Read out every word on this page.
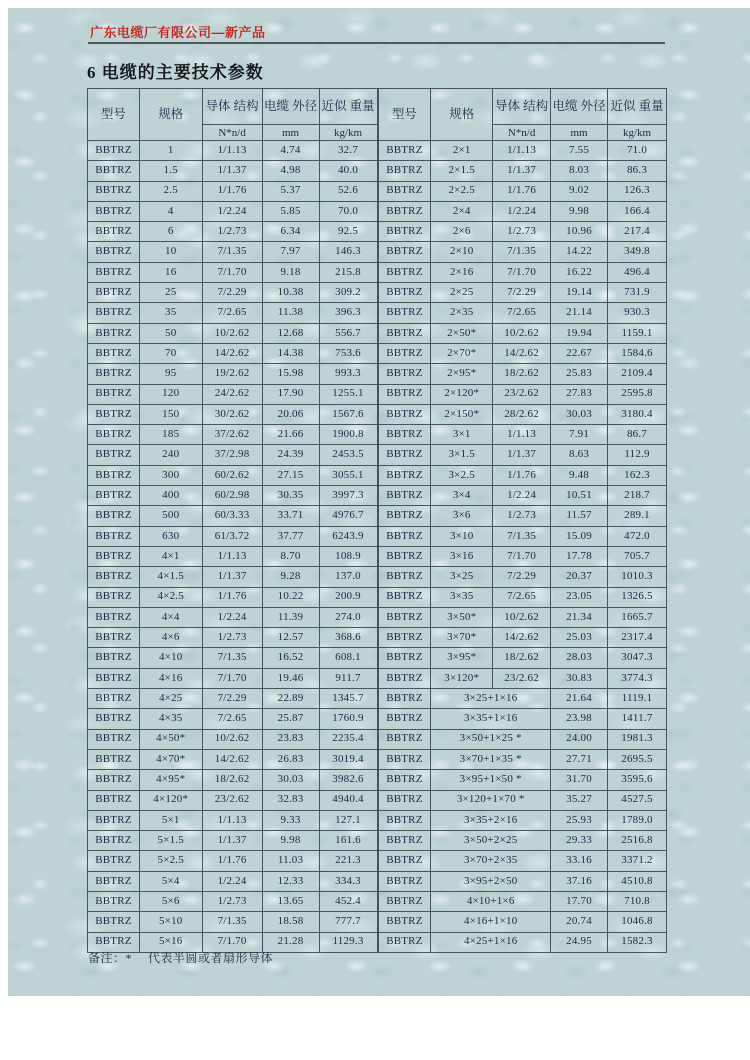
广东电缆厂有限公司—新产品
6 电缆的主要技术参数
型号	规格	导体 结构	电缆 外径	近似 重量
		N*n/d	mm	kg/km
BBTRZ	1	1/1.13	4.74	32.7
BBTRZ	1.5	1/1.37	4.98	40.0
BBTRZ	2.5	1/1.76	5.37	52.6
BBTRZ	4	1/2.24	5.85	70.0
BBTRZ	6	1/2.73	6.34	92.5
BBTRZ	10	7/1.35	7.97	146.3
BBTRZ	16	7/1.70	9.18	215.8
BBTRZ	25	7/2.29	10.38	309.2
BBTRZ	35	7/2.65	11.38	396.3
BBTRZ	50	10/2.62	12.68	556.7
BBTRZ	70	14/2.62	14.38	753.6
BBTRZ	95	19/2.62	15.98	993.3
BBTRZ	120	24/2.62	17.90	1255.1
BBTRZ	150	30/2.62	20.06	1567.6
BBTRZ	185	37/2.62	21.66	1900.8
BBTRZ	240	37/2.98	24.39	2453.5
BBTRZ	300	60/2.62	27.15	3055.1
BBTRZ	400	60/2.98	30.35	3997.3
BBTRZ	500	60/3.33	33.71	4976.7
BBTRZ	630	61/3.72	37.77	6243.9
BBTRZ	4×1	1/1.13	8.70	108.9
BBTRZ	4×1.5	1/1.37	9.28	137.0
BBTRZ	4×2.5	1/1.76	10.22	200.9
BBTRZ	4×4	1/2.24	11.39	274.0
BBTRZ	4×6	1/2.73	12.57	368.6
BBTRZ	4×10	7/1.35	16.52	608.1
BBTRZ	4×16	7/1.70	19.46	911.7
BBTRZ	4×25	7/2.29	22.89	1345.7
BBTRZ	4×35	7/2.65	25.87	1760.9
BBTRZ	4×50*	10/2.62	23.83	2235.4
BBTRZ	4×70*	14/2.62	26.83	3019.4
BBTRZ	4×95*	18/2.62	30.03	3982.6
BBTRZ	4×120*	23/2.62	32.83	4940.4
BBTRZ	5×1	1/1.13	9.33	127.1
BBTRZ	5×1.5	1/1.37	9.98	161.6
BBTRZ	5×2.5	1/1.76	11.03	221.3
BBTRZ	5×4	1/2.24	12.33	334.3
BBTRZ	5×6	1/2.73	13.65	452.4
BBTRZ	5×10	7/1.35	18.58	777.7
BBTRZ	5×16	7/1.70	21.28	1129.3
型号	规格	导体 结构	电缆 外径	近似 重量
		N*n/d	mm	kg/km
BBTRZ	2×1	1/1.13	7.55	71.0
BBTRZ	2×1.5	1/1.37	8.03	86.3
BBTRZ	2×2.5	1/1.76	9.02	126.3
BBTRZ	2×4	1/2.24	9.98	166.4
BBTRZ	2×6	1/2.73	10.96	217.4
BBTRZ	2×10	7/1.35	14.22	349.8
BBTRZ	2×16	7/1.70	16.22	496.4
BBTRZ	2×25	7/2.29	19.14	731.9
BBTRZ	2×35	7/2.65	21.14	930.3
BBTRZ	2×50*	10/2.62	19.94	1159.1
BBTRZ	2×70*	14/2.62	22.67	1584.6
BBTRZ	2×95*	18/2.62	25.83	2109.4
BBTRZ	2×120*	23/2.62	27.83	2595.8
BBTRZ	2×150*	28/2.62	30.03	3180.4
BBTRZ	3×1	1/1.13	7.91	86.7
BBTRZ	3×1.5	1/1.37	8.63	112.9
BBTRZ	3×2.5	1/1.76	9.48	162.3
BBTRZ	3×4	1/2.24	10.51	218.7
BBTRZ	3×6	1/2.73	11.57	289.1
BBTRZ	3×10	7/1.35	15.09	472.0
BBTRZ	3×16	7/1.70	17.78	705.7
BBTRZ	3×25	7/2.29	20.37	1010.3
BBTRZ	3×35	7/2.65	23.05	1326.5
BBTRZ	3×50*	10/2.62	21.34	1665.7
BBTRZ	3×70*	14/2.62	25.03	2317.4
BBTRZ	3×95*	18/2.62	28.03	3047.3
BBTRZ	3×120*	23/2.62	30.83	3774.3
BBTRZ	3×25+1×16		21.64	1119.1
BBTRZ	3×35+1×16		23.98	1411.7
BBTRZ	3×50+1×25 *		24.00	1981.3
BBTRZ	3×70+1×35 *		27.71	2695.5
BBTRZ	3×95+1×50 *		31.70	3595.6
BBTRZ	3×120+1×70 *		35.27	4527.5
BBTRZ	3×35+2×16		25.93	1789.0
BBTRZ	3×50+2×25		29.33	2516.8
BBTRZ	3×70+2×35		33.16	3371.2
BBTRZ	3×95+2×50		37.16	4510.8
BBTRZ	4×10+1×6		17.70	710.8
BBTRZ	4×16+1×10		20.74	1046.8
BBTRZ	4×25+1×16		24.95	1582.3
备注：*　 代表半圆或者扇形导体
